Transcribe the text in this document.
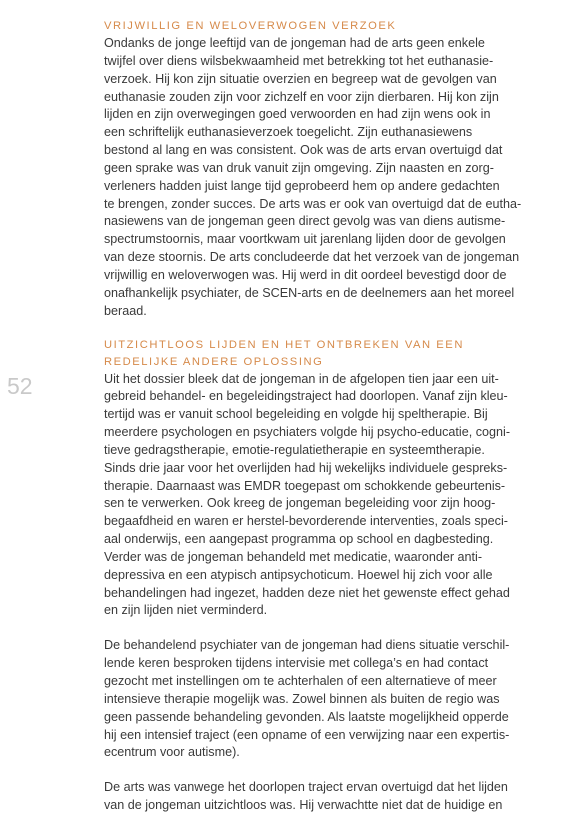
52
VRIJWILLIG EN WELOVERWOGEN VERZOEK
Ondanks de jonge leeftijd van de jongeman had de arts geen enkele
twijfel over diens wilsbekwaamheid met betrekking tot het euthanasie-
verzoek. Hij kon zijn situatie overzien en begreep wat de gevolgen van
euthanasie zouden zijn voor zichzelf en voor zijn dierbaren. Hij kon zijn
lijden en zijn overwegingen goed verwoorden en had zijn wens ook in
een schriftelijk euthanasieverzoek toegelicht. Zijn euthanasiewens
bestond al lang en was consistent. Ook was de arts ervan overtuigd dat
geen sprake was van druk vanuit zijn omgeving. Zijn naasten en zorg-
verleners hadden juist lange tijd geprobeerd hem op andere gedachten
te brengen, zonder succes. De arts was er ook van overtuigd dat de eutha-
nasiewens van de jongeman geen direct gevolg was van diens autisme-
spectrumstoornis, maar voortkwam uit jarenlang lijden door de gevolgen
van deze stoornis. De arts concludeerde dat het verzoek van de jongeman
vrijwillig en weloverwogen was. Hij werd in dit oordeel bevestigd door de
onafhankelijk psychiater, de SCEN-arts en de deelnemers aan het moreel
beraad.
UITZICHTLOOS LIJDEN EN HET ONTBREKEN VAN EEN
REDELIJKE ANDERE OPLOSSING
Uit het dossier bleek dat de jongeman in de afgelopen tien jaar een uit-
gebreid behandel- en begeleidingstraject had doorlopen. Vanaf zijn kleu-
tertijd was er vanuit school begeleiding en volgde hij speltherapie. Bij
meerdere psychologen en psychiaters volgde hij psycho-educatie, cogni-
tieve gedragstherapie, emotie-regulatietherapie en systeemtherapie.
Sinds drie jaar voor het overlijden had hij wekelijks individuele gespreks-
therapie. Daarnaast was EMDR toegepast om schokkende gebeurtenis-
sen te verwerken. Ook kreeg de jongeman begeleiding voor zijn hoog-
begaafdheid en waren er herstel-bevorderende interventies, zoals speci-
aal onderwijs, een aangepast programma op school en dagbesteding.
Verder was de jongeman behandeld met medicatie, waaronder anti-
depressiva en een atypisch antipsychoticum. Hoewel hij zich voor alle
behandelingen had ingezet, hadden deze niet het gewenste effect gehad
en zijn lijden niet verminderd.
De behandelend psychiater van de jongeman had diens situatie verschil-
lende keren besproken tijdens intervisie met collega’s en had contact
gezocht met instellingen om te achterhalen of een alternatieve of meer
intensieve therapie mogelijk was. Zowel binnen als buiten de regio was
geen passende behandeling gevonden. Als laatste mogelijkheid opperde
hij een intensief traject (een opname of een verwijzing naar een expertis-
ecentrum voor autisme).
De arts was vanwege het doorlopen traject ervan overtuigd dat het lijden
van de jongeman uitzichtloos was. Hij verwachtte niet dat de huidige en
